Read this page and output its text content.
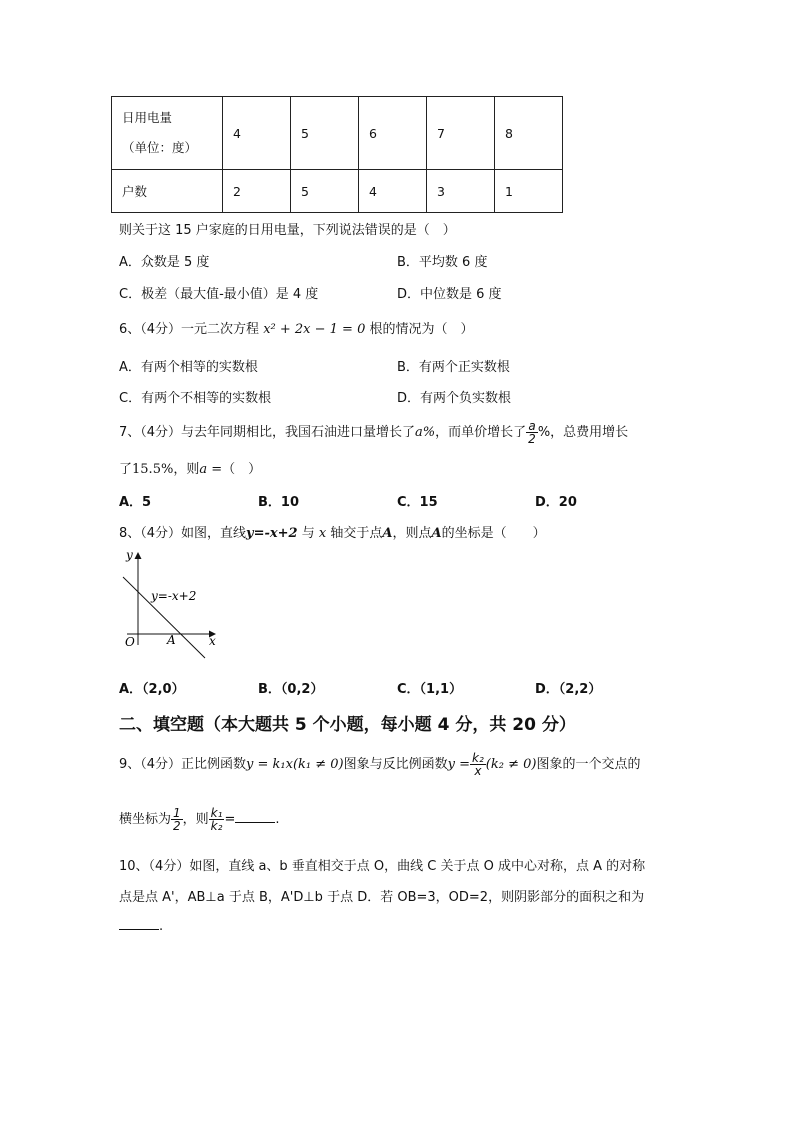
日用电量
（单位：度）	4	5	6	7	8
户数	2	5	4	3	1
则关于这 15 户家庭的日用电量，下列说法错误的是（　）
A．众数是 5 度	B．平均数 6 度
C．极差（最大值-最小值）是 4 度	D．中位数是 6 度
6、（4分）一元二次方程 x² + 2x − 1 = 0 根的情况为（　）
A．有两个相等的实数根	B．有两个正实数根
C．有两个不相等的实数根	D．有两个负实数根
7、（4分）与去年同期相比，我国石油进口量增长了a%，而单价增长了 $\frac{a}{2}$ %，总费用增长
了15.5%，则a =（　）
A．5	B．10	C．15	D．20
8、（4分）如图，直线y=-x+2 与 x 轴交于点A，则点A的坐标是（　　）
y
x
O	A
y=-x+2
A．（2,0）	B．（0,2）	C．（1,1）	D．（2,2）
二、填空题（本大题共 5 个小题，每小题 4 分，共 20 分）
9、（4分）正比例函数y = k₁x(k₁ ≠ 0)图象与反比例函数$y = \frac{\text{k₂}}{x} (k_2 \ne 0)$图象的一个交点的
横坐标为 $\frac{1}{2}$ ，则 $\frac{\text{k₁}}{\text{k₂}}$ =	.
10、（4分）如图，直线 a、b 垂直相交于点 O，曲线 C 关于点 O 成中心对称，点 A 的对称
点是点 A'，AB⊥a 于点 B，A'D⊥b 于点 D．若 OB=3，OD=2，则阴影部分的面积之和为
.
